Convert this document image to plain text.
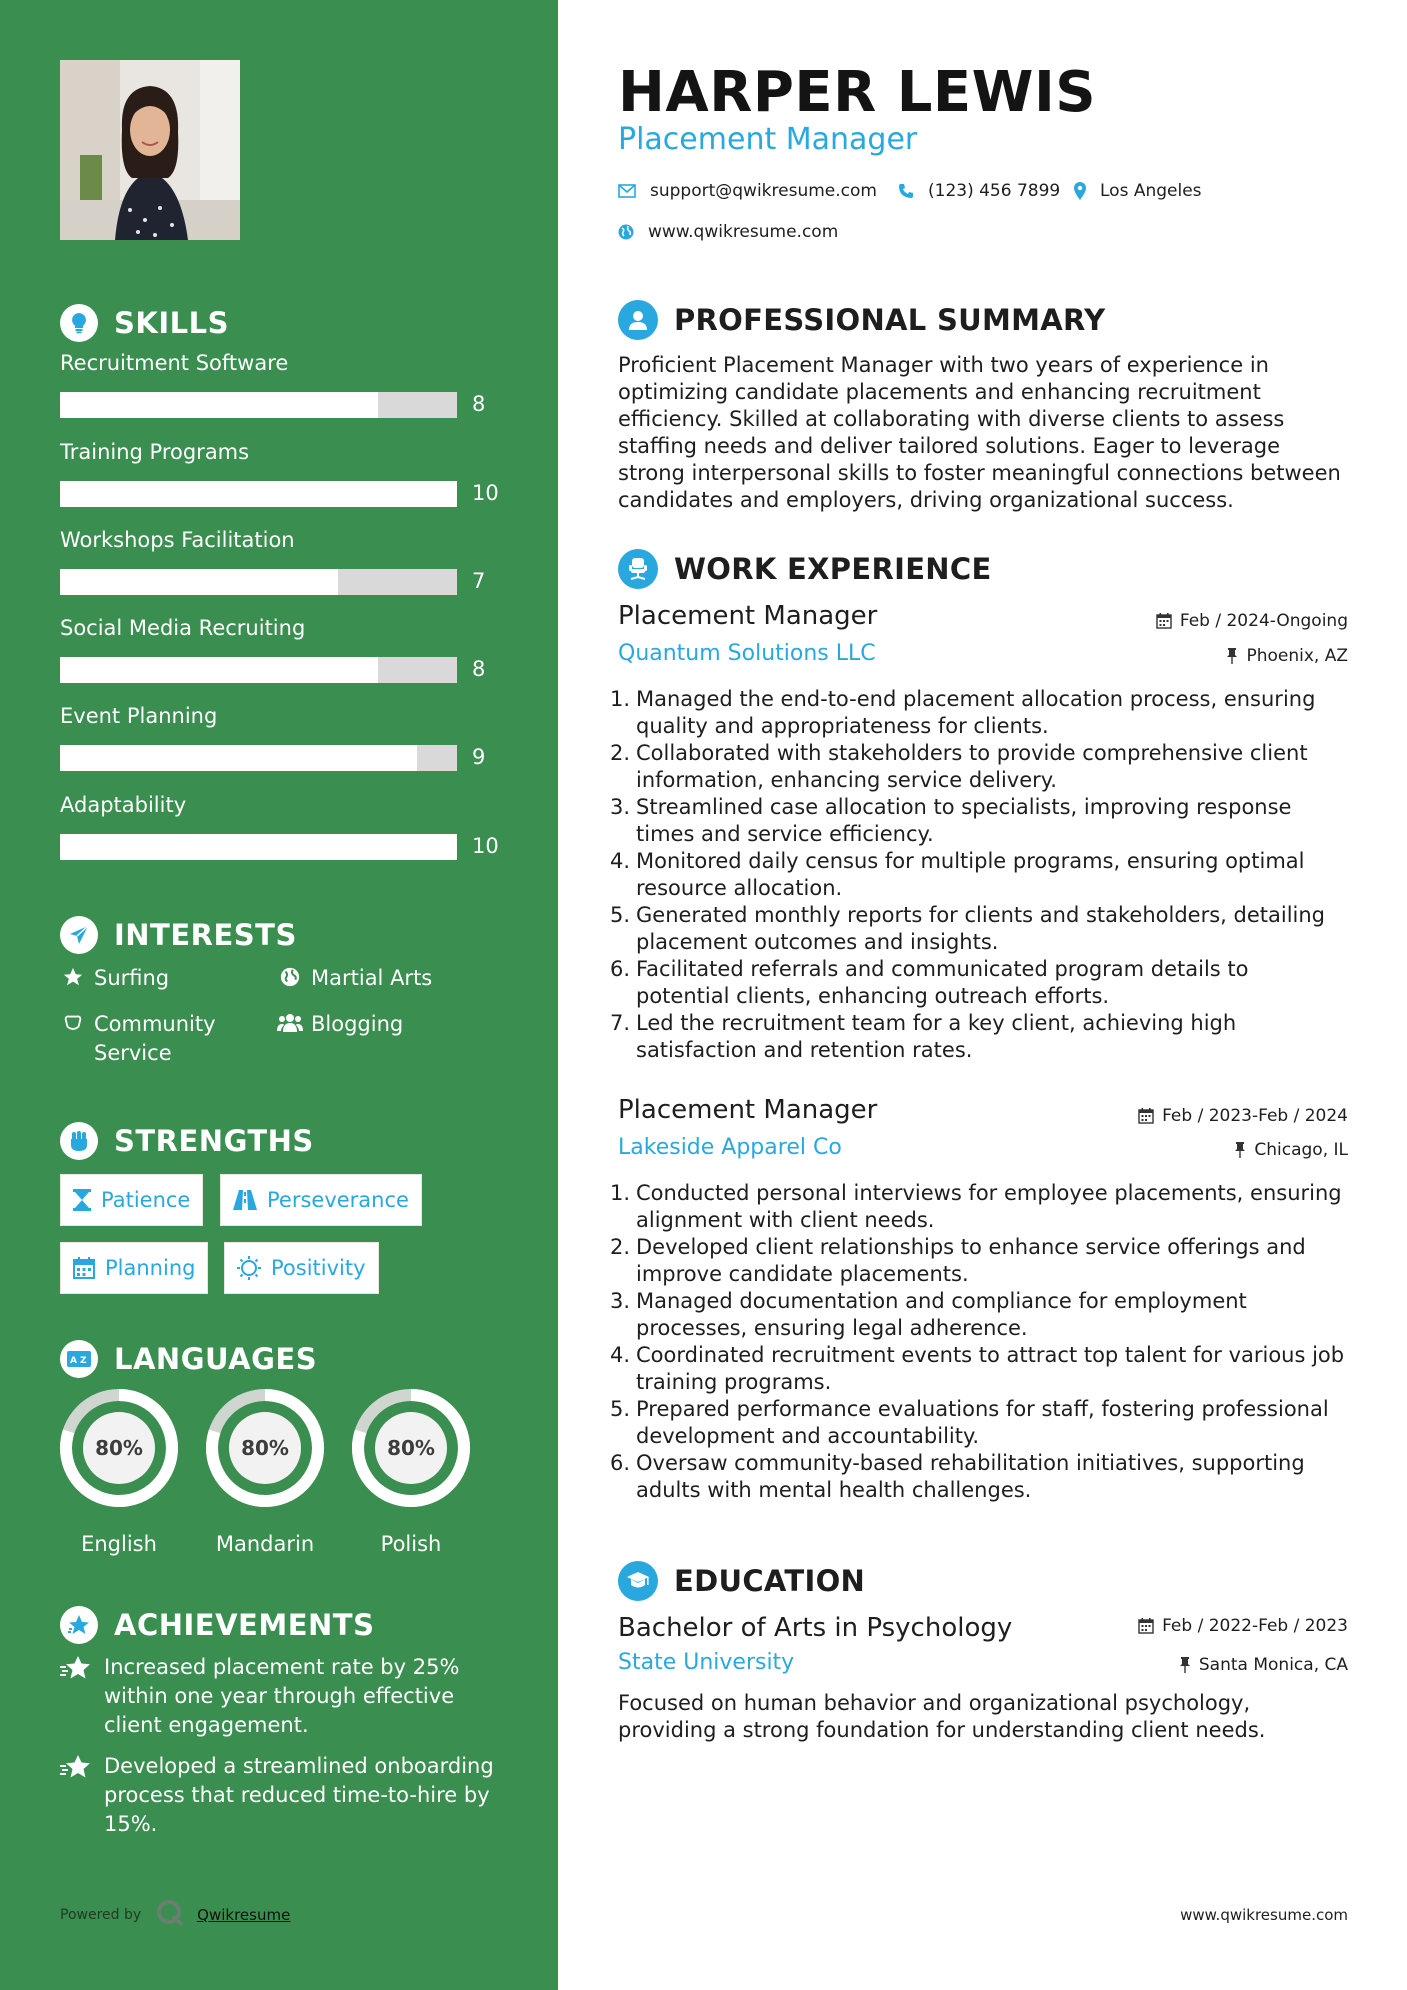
SKILLS
Recruitment Software
8
Training Programs
10
Workshops Facilitation
7
Social Media Recruiting
8
Event Planning
9
Adaptability
10
INTERESTS
Surfing	Martial Arts
Community Service
Blogging
STRENGTHS
Patience	Perseverance
Planning	Positivity
A Z LANGUAGES
80%
English
80%
Mandarin
80%
Polish
ACHIEVEMENTS
Increased placement rate by 25% within one year through effective client engagement.
Developed a streamlined onboarding process that reduced time-to-hire by 15%.
Powered by	Qwikresume
HARPER LEWIS
Placement Manager
support@qwikresume.com	(123) 456 7899 Los Angeles
www.qwikresume.com
PROFESSIONAL SUMMARY
Proficient Placement Manager with two years of experience in optimizing candidate placements and enhancing recruitment efficiency. Skilled at collaborating with diverse clients to assess staffing needs and deliver tailored solutions. Eager to leverage strong interpersonal skills to foster meaningful connections between candidates and employers, driving organizational success.
WORK EXPERIENCE
Placement Manager	Feb / 2024-Ongoing
Quantum Solutions LLC	Phoenix, AZ
1. Managed the end-to-end placement allocation process, ensuring quality and appropriateness for clients.
2. Collaborated with stakeholders to provide comprehensive client information, enhancing service delivery.
3. Streamlined case allocation to specialists, improving response times and service efficiency.
4. Monitored daily census for multiple programs, ensuring optimal resource allocation.
5. Generated monthly reports for clients and stakeholders, detailing placement outcomes and insights.
6. Facilitated referrals and communicated program details to potential clients, enhancing outreach efforts.
7. Led the recruitment team for a key client, achieving high satisfaction and retention rates.
Placement Manager	Feb / 2023-Feb / 2024
Lakeside Apparel Co	Chicago, IL
1. Conducted personal interviews for employee placements, ensuring alignment with client needs.
2. Developed client relationships to enhance service offerings and improve candidate placements.
3. Managed documentation and compliance for employment processes, ensuring legal adherence.
4. Coordinated recruitment events to attract top talent for various job training programs.
5. Prepared performance evaluations for staff, fostering professional development and accountability.
6. Oversaw community-based rehabilitation initiatives, supporting adults with mental health challenges.
EDUCATION
Bachelor of Arts in Psychology	Feb / 2022-Feb / 2023
State University	Santa Monica, CA
Focused on human behavior and organizational psychology, providing a strong foundation for understanding client needs.
www.qwikresume.com
